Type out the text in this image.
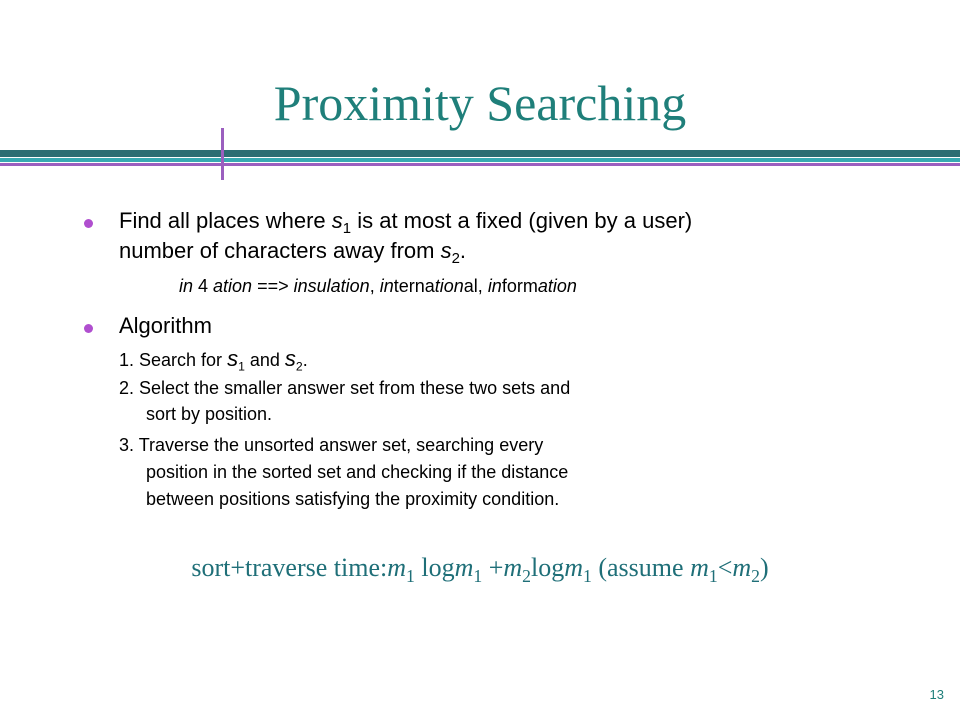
Proximity Searching
Find all places where $s_1$ is at most a fixed (given by a user)
number of characters away from $s_2$.
in 4 ation ==> insulation, international, information
Algorithm
1. Search for $s_1$ and $s_2$.
2. Select the smaller answer set from these two sets and
sort by position.
3. Traverse the unsorted answer set, searching every
position in the sorted set and checking if the distance
between positions satisfying the proximity condition.
sort+traverse $time:m_1$ $\log m_1 +m_2\log m_1$ (assume $m_1<m_2$)
13
